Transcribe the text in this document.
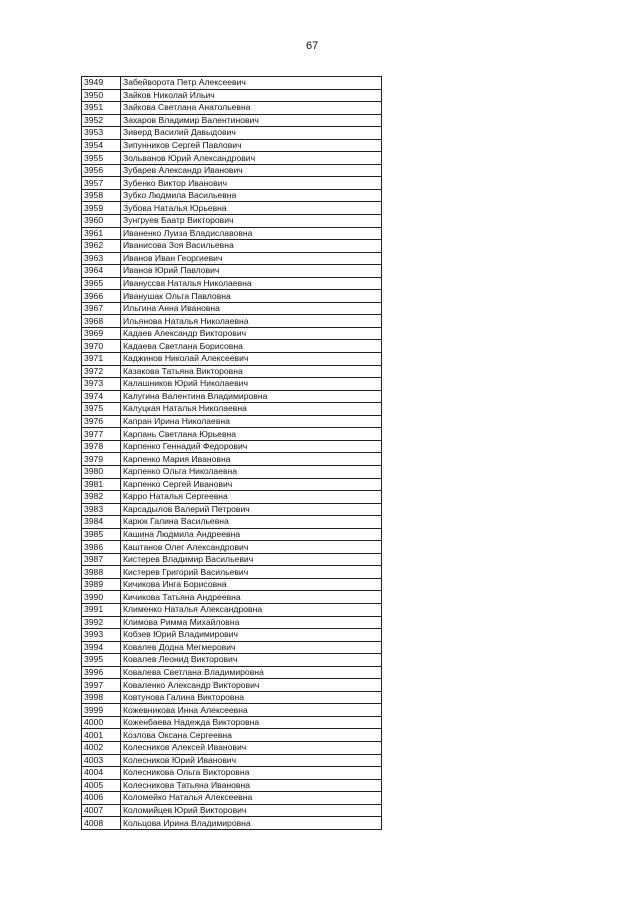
67
3949	Забейворота Петр Алексеевич
3950	Зайков Николай Ильич
3951	Зайкова Светлана Анатольевна
3952	Захаров Владимир Валентинович
3953	Зиверд Василий Давыдович
3954	Зипунников Сергей Павлович
3955	Зольванов Юрий Александрович
3956	Зубарев Александр Иванович
3957	Зубенко Виктор Иванович
3958	Зубко Людмила Васильевна
3959	Зубова Наталья Юрьевна
3960	Зунгруев Баатр Викторович
3961	Иваненко Луиза Владиславовна
3962	Иванисова Зоя Васильевна
3963	Иванов Иван Георгиевич
3964	Иванов Юрий Павлович
3965	Ивануссва Наталья Николаевна
3966	Иванушак Ольга Павловна
3967	Ильгина Анна Ивановна
3968	Ильянова Наталья Николаевна
3969	Кадаев Александр Викторович
3970	Кадаева Светлана Борисовна
3971	Каджинов Николай Алексеевич
3972	Казакова Татьяна Викторовна
3973	Калашников Юрий Николаевич
3974	Калугина Валентина Владимировна
3975	Калуцкая Наталья Николаевна
3976	Капран Ирина Николаевна
3977	Карпань Светлана Юрьевна
3978	Карпенко Геннадий Федорович
3979	Карпенко Мария Ивановна
3980	Карпенко Ольга Николаевна
3981	Карпенко Сергей Иванович
3982	Карро Наталья Сергеевна
3983	Карсадылов Валерий Петрович
3984	Карюк Галина Васильевна
3985	Кашина Людмила Андреевна
3986	Каштанов Олег Александрович
3987	Кистерев Владимир Васильевич
3988	Кистерев Григорий Васильевич
3989	Кичикова Инга Борисовна
3990	Кичикова Татьяна Андреевна
3991	Клименко Наталья Александровна
3992	Климова Римма Михайловна
3993	Кобзев Юрий Владимирович
3994	Ковалев Додна Мегмерович
3995	Ковалев Леонид Викторович
3996	Ковалева Светлана Владимировна
3997	Коваленко Александр Викторович
3998	Ковтунова Галина Викторовна
3999	Кожевникова Инна Алексеевна
4000	Коженбаева Надежда Викторовна
4001	Козлова Оксана Сергеевна
4002	Колесников Алексей Иванович
4003	Колесников Юрий Иванович
4004	Колесникова Ольга Викторовна
4005	Колесникова Татьяна Ивановна
4006	Коломейко Наталья Алексеевна
4007	Коломийцев Юрий Викторович
4008	Кольцова Ирина Владимировна
